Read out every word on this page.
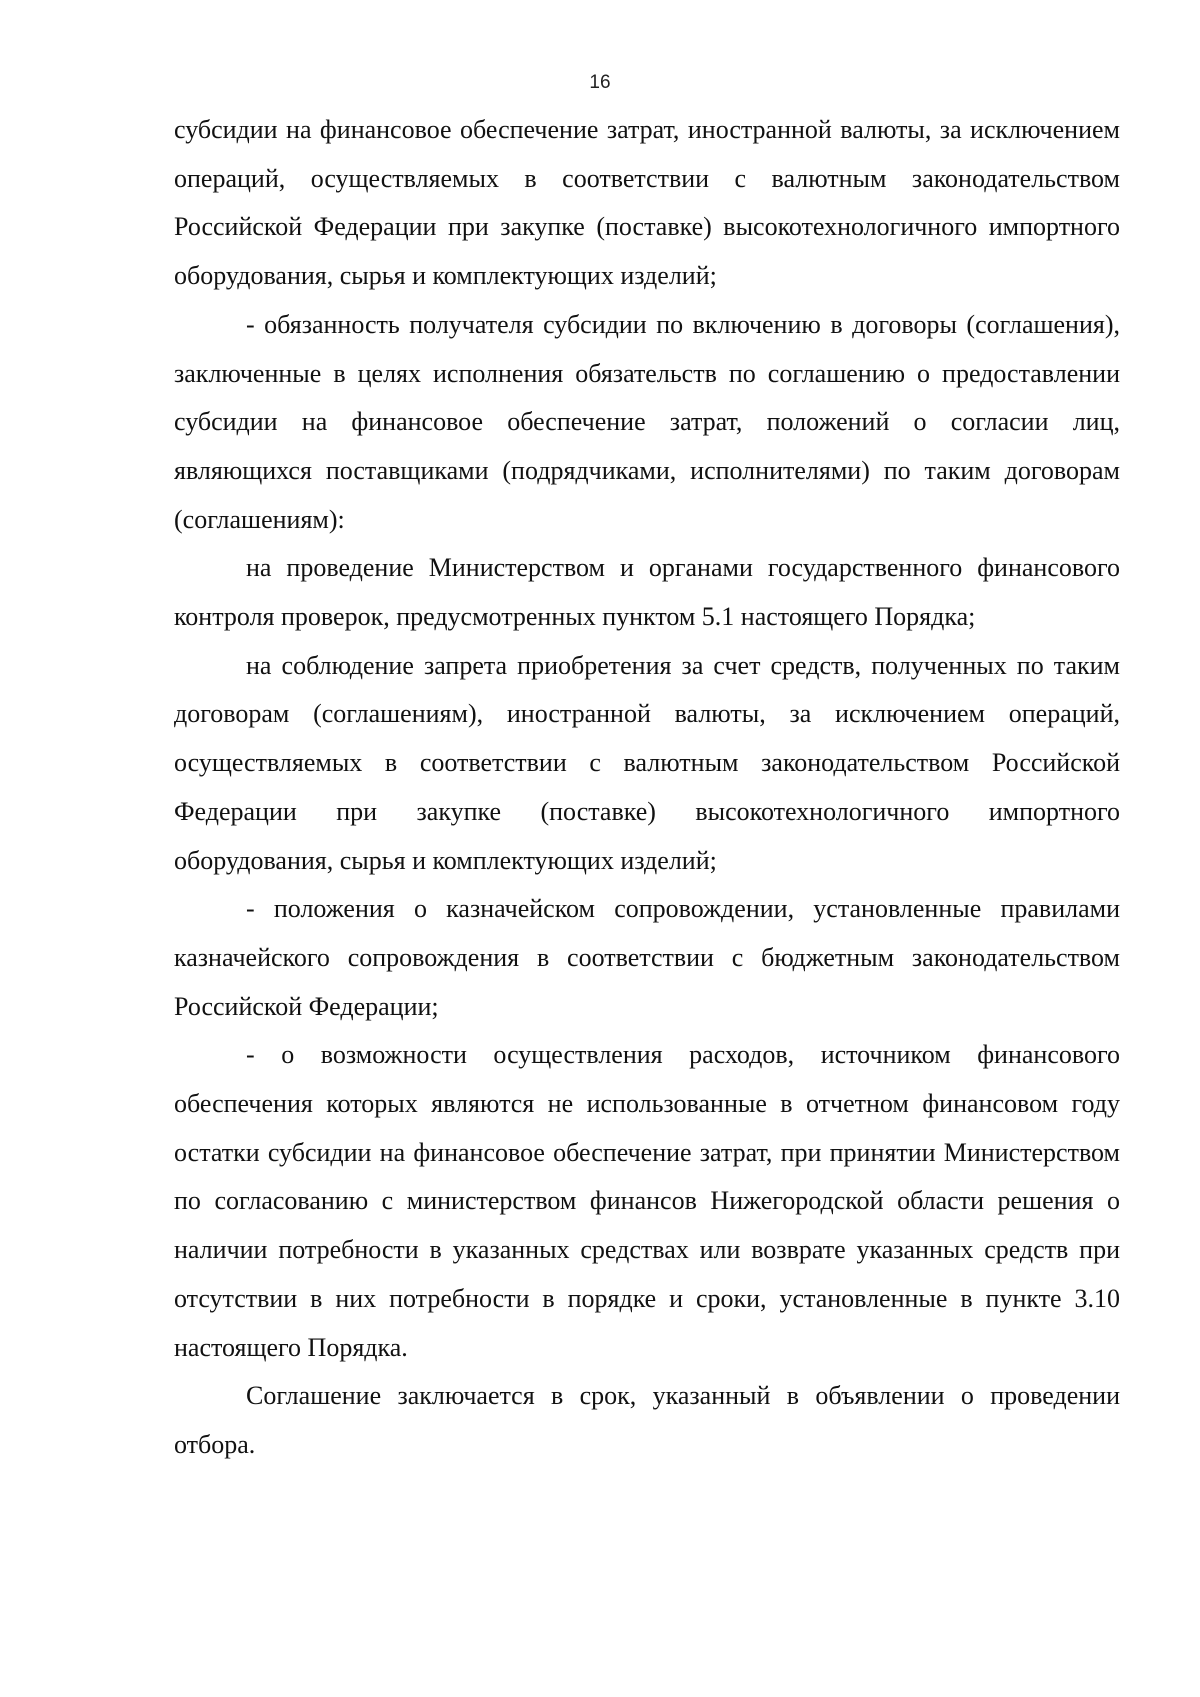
16

субсидии на финансовое обеспечение затрат, иностранной валюты, за исключением операций, осуществляемых в соответствии с валютным законодательством Российской Федерации при закупке (поставке) высокотехнологичного импортного оборудования, сырья и комплектующих изделий;

- обязанность получателя субсидии по включению в договоры (соглашения), заключенные в целях исполнения обязательств по соглашению о предоставлении субсидии на финансовое обеспечение затрат, положений о согласии лиц, являющихся поставщиками (подрядчиками, исполнителями) по таким договорам (соглашениям):

на проведение Министерством и органами государственного финансового контроля проверок, предусмотренных пунктом 5.1 настоящего Порядка;

на соблюдение запрета приобретения за счет средств, полученных по таким договорам (соглашениям), иностранной валюты, за исключением операций, осуществляемых в соответствии с валютным законодательством Российской Федерации при закупке (поставке) высокотехнологичного импортного оборудования, сырья и комплектующих изделий;

- положения о казначейском сопровождении, установленные правилами казначейского сопровождения в соответствии с бюджетным законодательством Российской Федерации;

- о возможности осуществления расходов, источником финансового обеспечения которых являются не использованные в отчетном финансовом году остатки субсидии на финансовое обеспечение затрат, при принятии Министерством по согласованию с министерством финансов Нижегородской области решения о наличии потребности в указанных средствах или возврате указанных средств при отсутствии в них потребности в порядке и сроки, установленные в пункте 3.10 настоящего Порядка.

Соглашение заключается в срок, указанный в объявлении о проведении отбора.
